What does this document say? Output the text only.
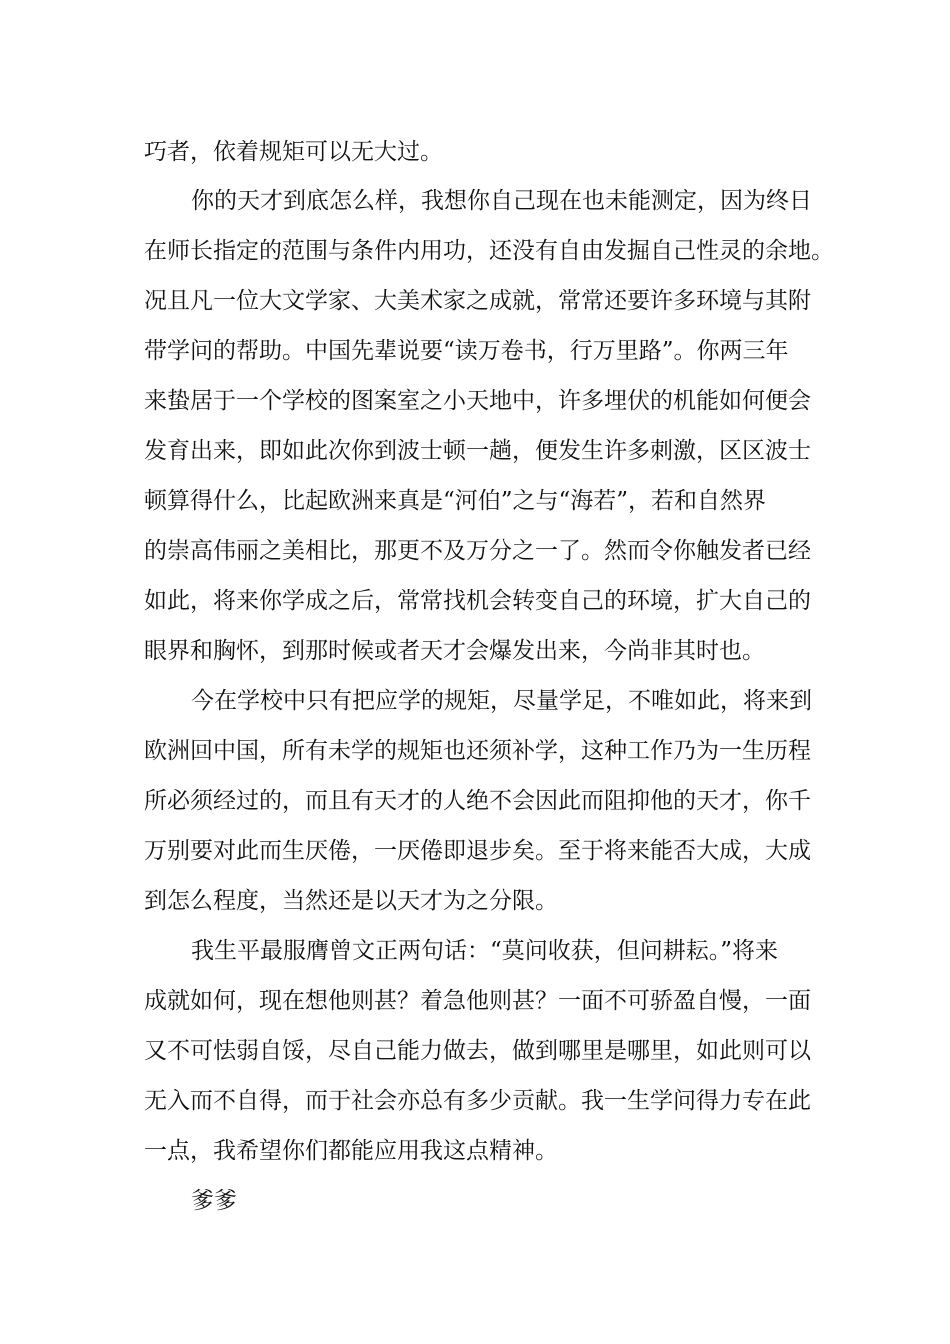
巧者，依着规矩可以无大过。
你的天才到底怎么样，我想你自己现在也未能测定，因为终日
在师长指定的范围与条件内用功，还没有自由发掘自己性灵的余地。
况且凡一位大文学家、大美术家之成就，常常还要许多环境与其附
带学问的帮助。中国先辈说要“读万卷书，行万里路”。你两三年
来蛰居于一个学校的图案室之小天地中，许多埋伏的机能如何便会
发育出来，即如此次你到波士顿一趟，便发生许多刺激，区区波士
顿算得什么，比起欧洲来真是“河伯”之与“海若”，若和自然界
的崇高伟丽之美相比，那更不及万分之一了。然而令你触发者已经
如此，将来你学成之后，常常找机会转变自己的环境，扩大自己的
眼界和胸怀，到那时候或者天才会爆发出来，今尚非其时也。
今在学校中只有把应学的规矩，尽量学足，不唯如此，将来到
欧洲回中国，所有未学的规矩也还须补学，这种工作乃为一生历程
所必须经过的，而且有天才的人绝不会因此而阻抑他的天才，你千
万别要对此而生厌倦，一厌倦即退步矣。至于将来能否大成，大成
到怎么程度，当然还是以天才为之分限。
我生平最服膺曾文正两句话：“莫问收获，但问耕耘。”将来
成就如何，现在想他则甚？着急他则甚？一面不可骄盈自慢，一面
又不可怯弱自馁，尽自己能力做去，做到哪里是哪里，如此则可以
无入而不自得，而于社会亦总有多少贡献。我一生学问得力专在此
一点，我希望你们都能应用我这点精神。
爹爹
